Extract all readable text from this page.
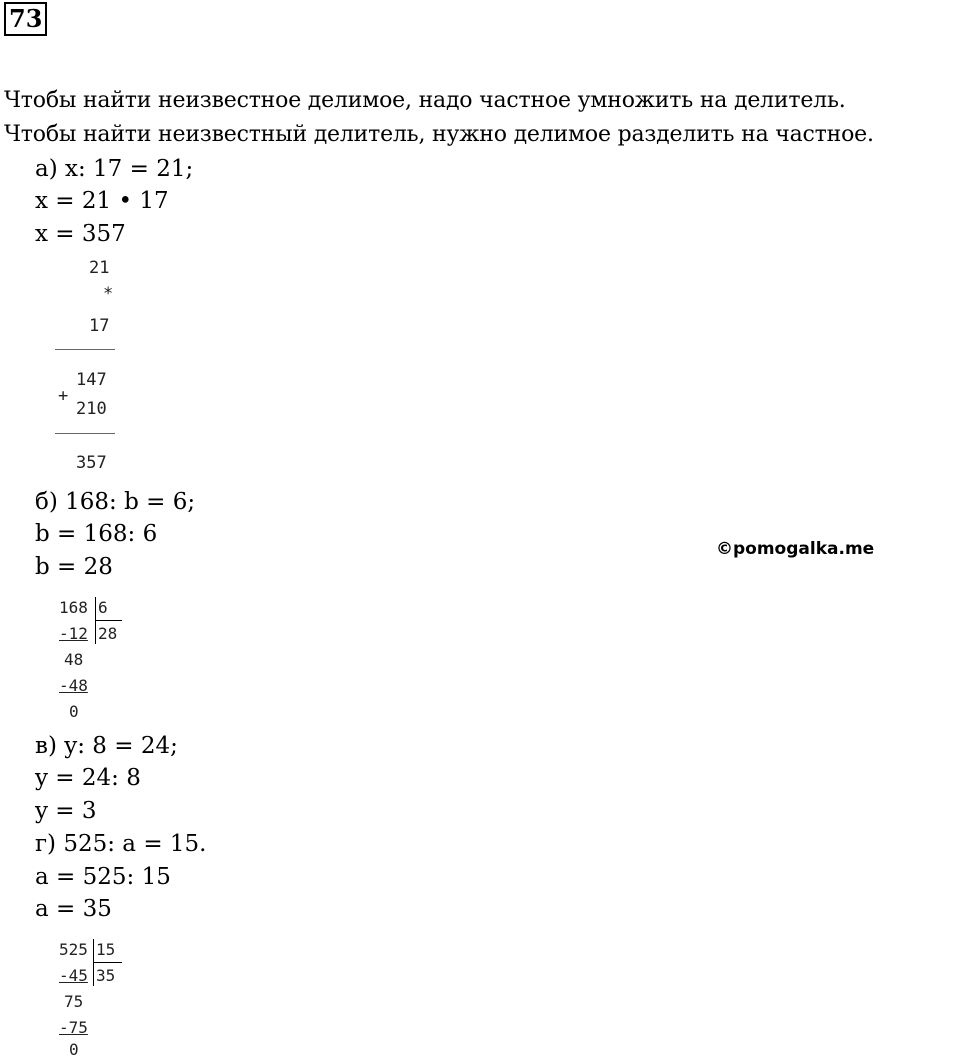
73
Чтобы найти неизвестное делимое, надо частное умножить на делитель.
Чтобы найти неизвестный делитель, нужно делимое разделить на частное.
а) x: 17 = 21;
x = 21 • 17
x = 357
21
*
17
147
+
210
357
б) 168: b = 6;
b = 168: 6
b = 28
168 6
28
-12
48
-48
0
в) y: 8 = 24;
y = 24: 8
y = 3
г) 525: a = 15.
a = 525: 15
a = 35
525 15
35
-45
75
-75
0
©pomogalka.me
